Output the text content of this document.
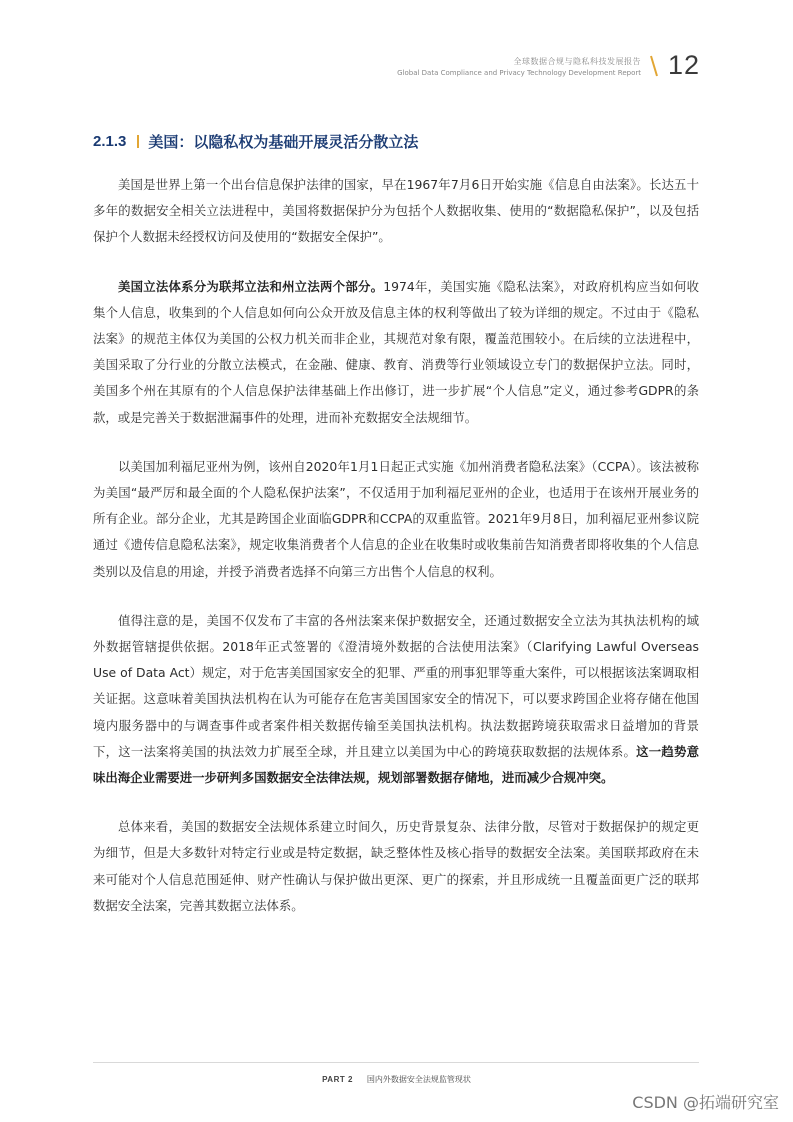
全球数据合规与隐私科技发展报告
Global Data Compliance and Privacy Technology Development Report 12
2.1.3 美国：以隐私权为基础开展灵活分散立法

美国是世界上第一个出台信息保护法律的国家，早在1967年7月6日开始实施《信息自由法案》。长达五十多年的数据安全相关立法进程中，美国将数据保护分为包括个人数据收集、使用的“数据隐私保护”，以及包括保护个人数据未经授权访问及使用的“数据安全保护”。

美国立法体系分为联邦立法和州立法两个部分。1974年，美国实施《隐私法案》，对政府机构应当如何收集个人信息，收集到的个人信息如何向公众开放及信息主体的权利等做出了较为详细的规定。不过由于《隐私法案》的规范主体仅为美国的公权力机关而非企业，其规范对象有限，覆盖范围较小。在后续的立法进程中，美国采取了分行业的分散立法模式，在金融、健康、教育、消费等行业领域设立专门的数据保护立法。同时，美国多个州在其原有的个人信息保护法律基础上作出修订，进一步扩展“个人信息”定义，通过参考GDPR的条款，或是完善关于数据泄漏事件的处理，进而补充数据安全法规细节。

以美国加利福尼亚州为例，该州自2020年1月1日起正式实施《加州消费者隐私法案》（CCPA）。该法被称为美国“最严厉和最全面的个人隐私保护法案”，不仅适用于加利福尼亚州的企业，也适用于在该州开展业务的所有企业。部分企业，尤其是跨国企业面临GDPR和CCPA的双重监管。2021年9月8日，加利福尼亚州参议院通过《遗传信息隐私法案》，规定收集消费者个人信息的企业在收集时或收集前告知消费者即将收集的个人信息类别以及信息的用途，并授予消费者选择不向第三方出售个人信息的权利。

值得注意的是，美国不仅发布了丰富的各州法案来保护数据安全，还通过数据安全立法为其执法机构的域外数据管辖提供依据。2018年正式签署的《澄清境外数据的合法使用法案》（Clarifying Lawful Overseas Use of Data Act）规定，对于危害美国国家安全的犯罪、严重的刑事犯罪等重大案件，可以根据该法案调取相关证据。这意味着美国执法机构在认为可能存在危害美国国家安全的情况下，可以要求跨国企业将存储在他国境内服务器中的与调查事件或者案件相关数据传输至美国执法机构。执法数据跨境获取需求日益增加的背景下，这一法案将美国的执法效力扩展至全球，并且建立以美国为中心的跨境获取数据的法规体系。这一趋势意味出海企业需要进一步研判多国数据安全法律法规，规划部署数据存储地，进而减少合规冲突。

总体来看，美国的数据安全法规体系建立时间久，历史背景复杂、法律分散，尽管对于数据保护的规定更为细节，但是大多数针对特定行业或是特定数据，缺乏整体性及核心指导的数据安全法案。美国联邦政府在未来可能对个人信息范围延伸、财产性确认与保护做出更深、更广的探索，并且形成统一且覆盖面更广泛的联邦数据安全法案，完善其数据立法体系。

PART 2 国内外数据安全法规监管现状
CSDN @拓端研究室
